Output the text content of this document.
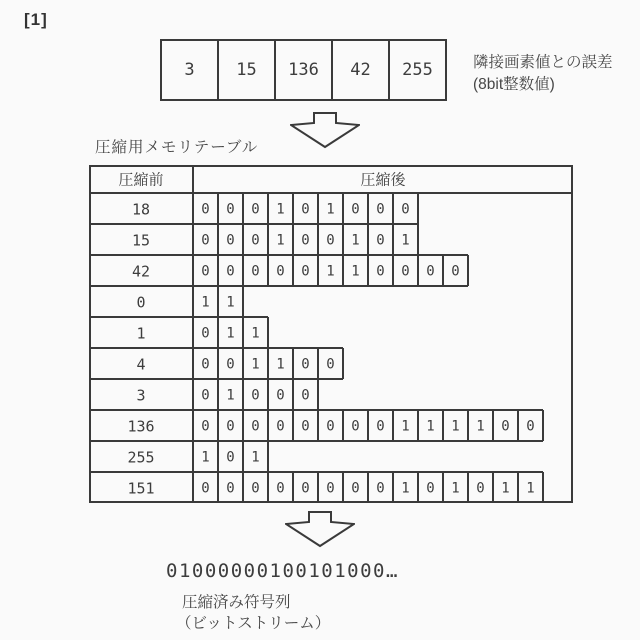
[1]
3	15	136	42	255	隣接画素値との誤差
(8bit整数値)
圧縮用メモリテーブル
圧縮前	圧縮後
18	0 0 0 1 0 1 0 0 0
15	0 0 0 1 0 0 1 0 1
42	0 0 0 0 0 1 1 0 0 0 0
0	1 1
1	0 1 1
4	0 0 1 1 0 0
3	0 1 0 0 0
136	0 0 0 0 0 0 0 0 1 1 1 1 0 0
255	1 0 1
151	0 0 0 0 0 0 0 0 1 0 1 0 1 1
01000000100101000…
圧縮済み符号列
（ビットストリーム）
